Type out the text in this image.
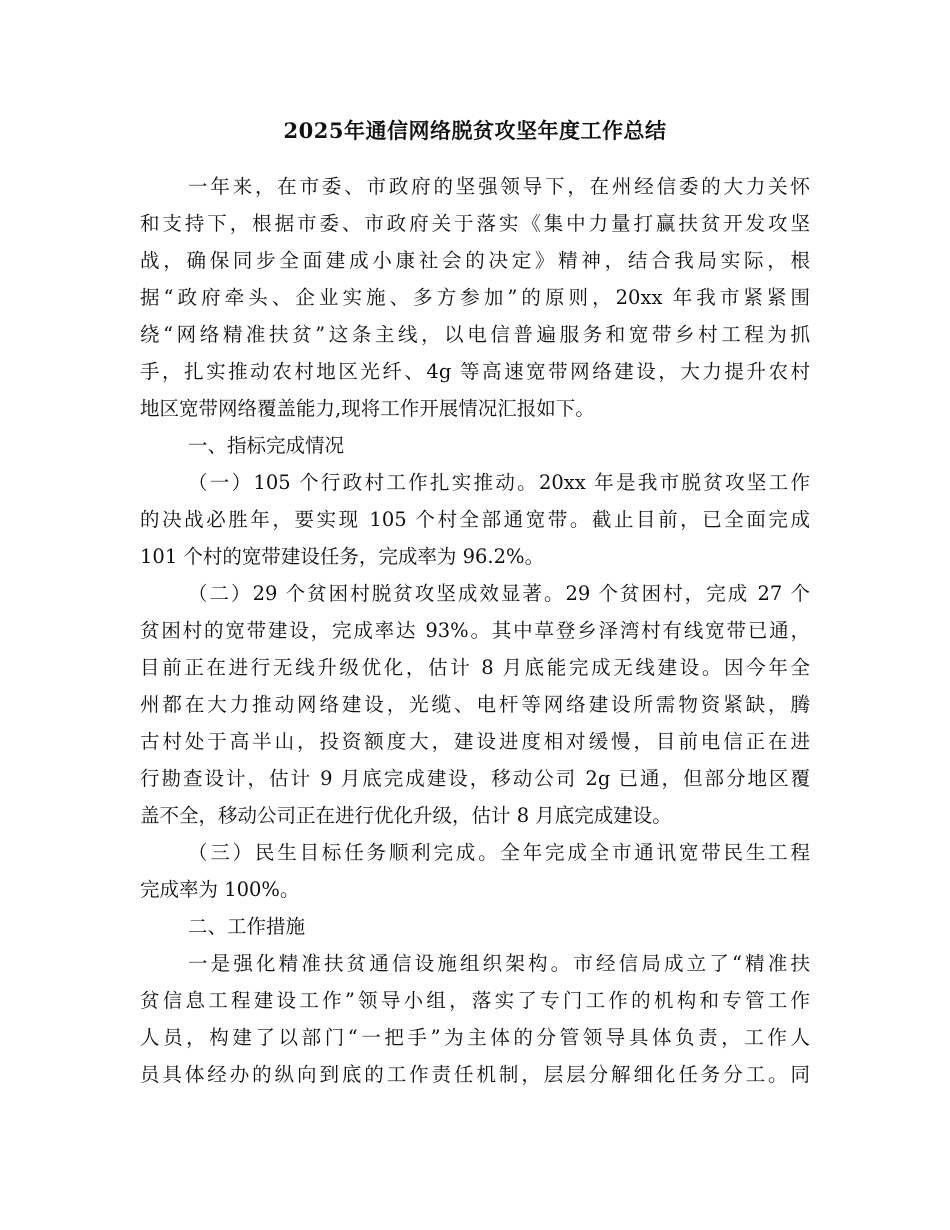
2025年通信网络脱贫攻坚年度工作总结

一年来，在市委、市政府的坚强领导下，在州经信委的大力关怀

和支持下，根据市委、市政府关于落实《集中力量打赢扶贫开发攻坚

战，确保同步全面建成小康社会的决定》精神，结合我局实际，根

据“政府牵头、企业实施、多方参加”的原则，20xx 年我市紧紧围

绕“网络精准扶贫”这条主线，以电信普遍服务和宽带乡村工程为抓

手，扎实推动农村地区光纤、4g 等高速宽带网络建设，大力提升农村

地区宽带网络覆盖能力,现将工作开展情况汇报如下。

一、指标完成情况

（一）105 个行政村工作扎实推动。20xx 年是我市脱贫攻坚工作

的决战必胜年，要实现 105 个村全部通宽带。截止目前，已全面完成

101 个村的宽带建设任务，完成率为 96.2%。

（二）29 个贫困村脱贫攻坚成效显著。29 个贫困村，完成 27 个

贫困村的宽带建设，完成率达 93%。其中草登乡泽湾村有线宽带已通，

目前正在进行无线升级优化，估计 8 月底能完成无线建设。因今年全

州都在大力推动网络建设，光缆、电杆等网络建设所需物资紧缺，腾

古村处于高半山，投资额度大，建设进度相对缓慢，目前电信正在进

行勘查设计，估计 9 月底完成建设，移动公司 2g 已通，但部分地区覆

盖不全，移动公司正在进行优化升级，估计 8 月底完成建设。

（三）民生目标任务顺利完成。全年完成全市通讯宽带民生工程

完成率为 100%。

二、工作措施

一是强化精准扶贫通信设施组织架构。市经信局成立了“精准扶

贫信息工程建设工作”领导小组，落实了专门工作的机构和专管工作

人员，构建了以部门“一把手”为主体的分管领导具体负责，工作人

员具体经办的纵向到底的工作责任机制，层层分解细化任务分工。同
